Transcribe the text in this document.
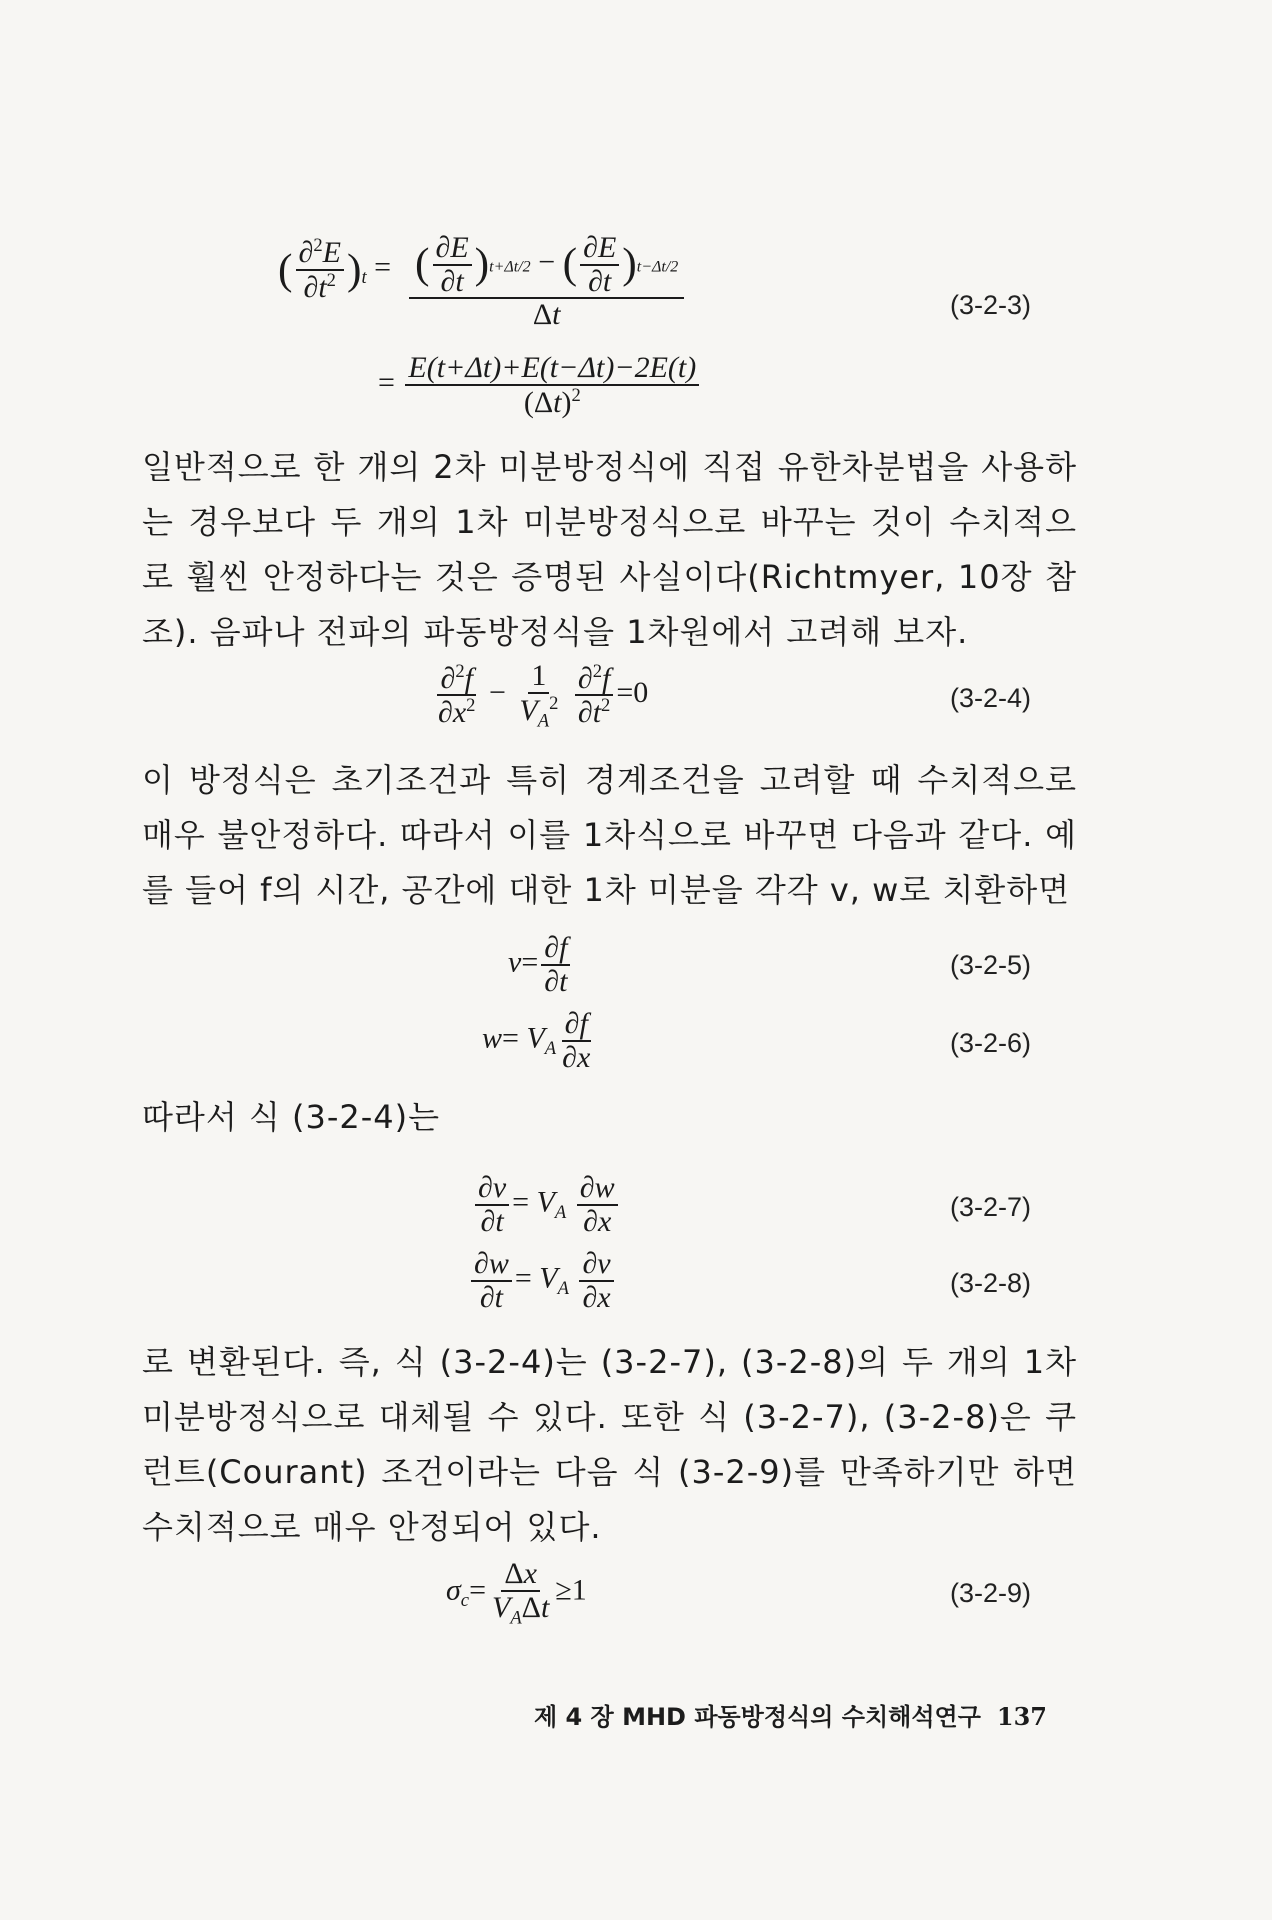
( $\frac{\partial^2E}{\partial t^2} )_t = \frac{( \frac{\partial E}{\partial t} )t+\Delta t/2 - ( \frac{\partial E}{\partial t} )t-\Delta t/2}{\Delta t}$
= $\frac{E(t+\Delta t)+E(t-\Delta t)-2E(t)}{(\Delta t)^2}$
(3-2-3)
일반적으로 한 개의 2차 미분방정식에 직접 유한차분법을 사용하는 경우보다 두 개의 1차 미분방정식으로 바꾸는 것이 수치적으로 훨씬 안정하다는 것은 증명된 사실이다(Richtmyer, 10장 참조). 음파나 전파의 파동방정식을 1차원에서 고려해 보자.
$\frac{\partial^2f}{\partial x^2} - \frac{1}{V_A^2}$
$\frac{\partial^2f}{\partial t^2} =0$	(3-2-4)
이 방정식은 초기조건과 특히 경계조건을 고려할 때 수치적으로 매우 불안정하다. 따라서 이를 1차식으로 바꾸면 다음과 같다. 예를 들어 f의 시간, 공간에 대한 1차 미분을 각각 v, w로 치환하면
$v= \frac{\partial f}{\partial t}$	(3-2-5)
$w= V_A \frac{\partial f}{\partial x}$	(3-2-6)
따라서 식 (3-2-4)는
$\frac{\partial v}{\partial t} = V_A \frac{\partial w}{\partial x}$	(3-2-7)
$\frac{\partial w}{\partial t} = V_A \frac{\partial v}{\partial x}$	(3-2-8)
로 변환된다. 즉, 식 (3-2-4)는 (3-2-7), (3-2-8)의 두 개의 1차 미분방정식으로 대체될 수 있다. 또한 식 (3-2-7), (3-2-8)은 쿠런트(Courant) 조건이라는 다음 식 (3-2-9)를 만족하기만 하면 수치적으로 매우 안정되어 있다.
$\sigma_c= \frac{\Delta x}{V_A\Delta t} \ge 1$	(3-2-9)
제 4 장 MHD 파동방정식의 수치해석연구 137
